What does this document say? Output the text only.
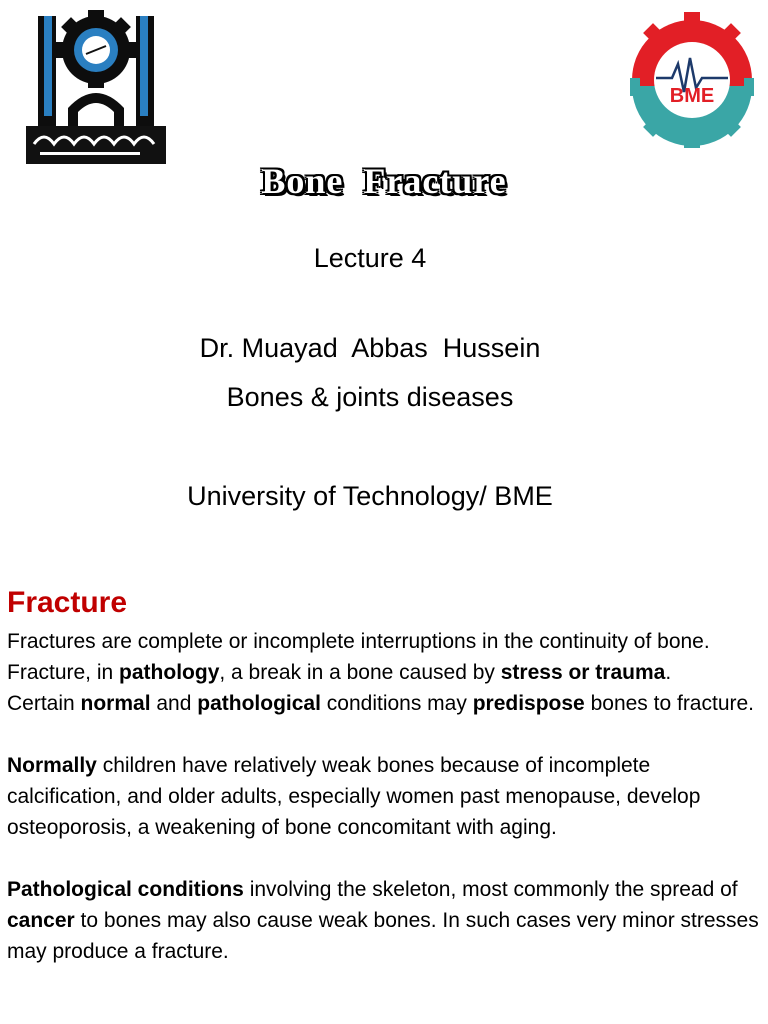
BME
Bone  Fracture
Lecture 4
Dr. Muayad  Abbas  Hussein
Bones & joints diseases
University of Technology/ BME
Fracture

Fractures are complete or incomplete interruptions in the continuity of bone.

Fracture, in pathology, a break in a bone caused by stress or trauma.

Certain normal and pathological conditions may predispose bones to fracture.

Normally children have relatively weak bones because of incomplete calcification, and older adults, especially women past menopause, develop osteoporosis, a weakening of bone concomitant with aging.

Pathological conditions involving the skeleton, most commonly the spread of cancer to bones may also cause weak bones. In such cases very minor stresses may produce a fracture.
